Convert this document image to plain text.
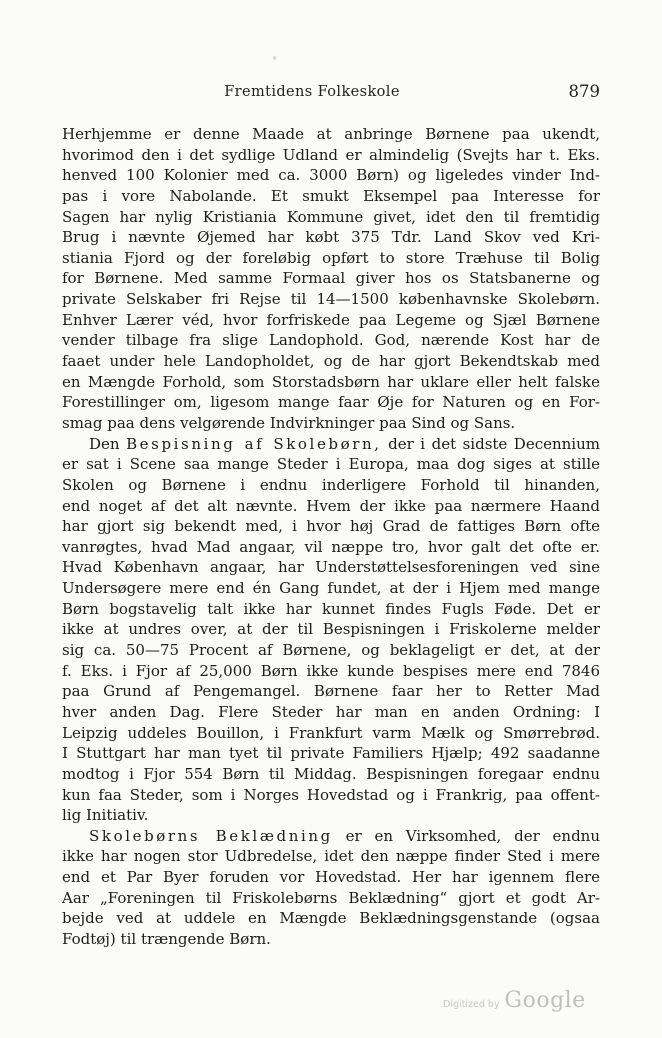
Fremtidens Folkeskole	879
Herhjemme er denne Maade at anbringe Børnene paa ukendt,
hvorimod den i det sydlige Udland er almindelig (Svejts har t. Eks.
henved 100 Kolonier med ca. 3000 Børn) og ligeledes vinder Ind-
pas i vore Nabolande. Et smukt Eksempel paa Interesse for
Sagen har nylig Kristiania Kommune givet, idet den til fremtidig
Brug i nævnte Øjemed har købt 375 Tdr. Land Skov ved Kri-
stiania Fjord og der foreløbig opført to store Træhuse til Bolig
for Børnene. Med samme Formaal giver hos os Statsbanerne og
private Selskaber fri Rejse til 14—1500 københavnske Skolebørn.
Enhver Lærer véd, hvor forfriskede paa Legeme og Sjæl Børnene
vender tilbage fra slige Landophold. God, nærende Kost har de
faaet under hele Landopholdet, og de har gjort Bekendtskab med
en Mængde Forhold, som Storstadsbørn har uklare eller helt falske
Forestillinger om, ligesom mange faar Øje for Naturen og en For-
smag paa dens velgørende Indvirkninger paa Sind og Sans.
Den Bespisning af Skolebørn, der i det sidste Decennium
er sat i Scene saa mange Steder i Europa, maa dog siges at stille
Skolen og Børnene i endnu inderligere Forhold til hinanden,
end noget af det alt nævnte. Hvem der ikke paa nærmere Haand
har gjort sig bekendt med, i hvor høj Grad de fattiges Børn ofte
vanrøgtes, hvad Mad angaar, vil næppe tro, hvor galt det ofte er.
Hvad København angaar, har Understøttelsesforeningen ved sine
Undersøgere mere end én Gang fundet, at der i Hjem med mange
Børn bogstavelig talt ikke har kunnet findes Fugls Føde. Det er
ikke at undres over, at der til Bespisningen i Friskolerne melder
sig ca. 50—75 Procent af Børnene, og beklageligt er det, at der
f. Eks. i Fjor af 25,000 Børn ikke kunde bespises mere end 7846
paa Grund af Pengemangel. Børnene faar her to Retter Mad
hver anden Dag. Flere Steder har man en anden Ordning: I
Leipzig uddeles Bouillon, i Frankfurt varm Mælk og Smørrebrød.
I Stuttgart har man tyet til private Familiers Hjælp; 492 saadanne
modtog i Fjor 554 Børn til Middag. Bespisningen foregaar endnu
kun faa Steder, som i Norges Hovedstad og i Frankrig, paa offent-
lig Initiativ.
Skolebørns Beklædning er en Virksomhed, der endnu
ikke har nogen stor Udbredelse, idet den næppe finder Sted i mere
end et Par Byer foruden vor Hovedstad. Her har igennem flere
Aar „Foreningen til Friskolebørns Beklædning“ gjort et godt Ar-
bejde ved at uddele en Mængde Beklædningsgenstande (ogsaa
Fodtøj) til trængende Børn.
Digitized by Google
